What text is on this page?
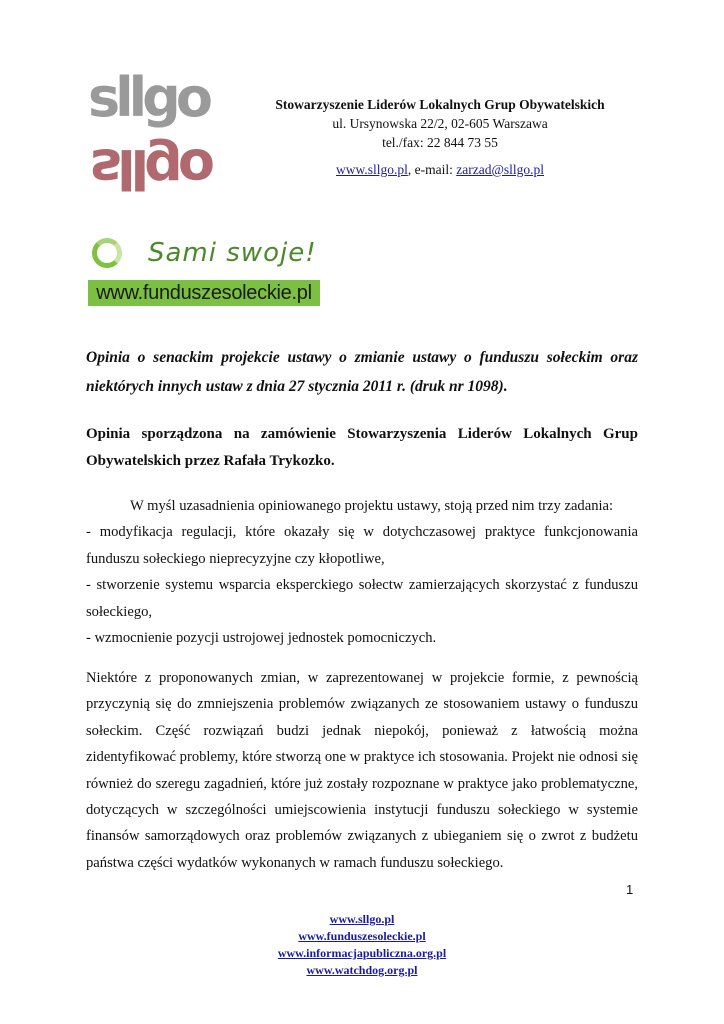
sllgo
sllgo
Stowarzyszenie Liderów Lokalnych Grup Obywatelskich
ul. Ursynowska 22/2, 02-605 Warszawa
tel./fax: 22 844 73 55
www.sllgo.pl, e-mail: zarzad@sllgo.pl
Sami swoje!
www.funduszesoleckie.pl
Opinia o senackim projekcie ustawy o zmianie ustawy o funduszu sołeckim oraz niektórych innych ustaw z dnia 27 stycznia 2011 r. (druk nr 1098).
Opinia sporządzona na zamówienie Stowarzyszenia Liderów Lokalnych Grup Obywatelskich przez Rafała Trykozko.
W myśl uzasadnienia opiniowanego projektu ustawy, stoją przed nim trzy zadania:
- modyfikacja regulacji, które okazały się w dotychczasowej praktyce funkcjonowania funduszu sołeckiego nieprecyzyjne czy kłopotliwe,
- stworzenie systemu wsparcia eksperckiego sołectw zamierzających skorzystać z funduszu sołeckiego,
- wzmocnienie pozycji ustrojowej jednostek pomocniczych.
Niektóre z proponowanych zmian, w zaprezentowanej w projekcie formie, z pewnością przyczynią się do zmniejszenia problemów związanych ze stosowaniem ustawy o funduszu sołeckim. Część rozwiązań budzi jednak niepokój, ponieważ z łatwością można zidentyfikować problemy, które stworzą one w praktyce ich stosowania. Projekt nie odnosi się również do szeregu zagadnień, które już zostały rozpoznane w praktyce jako problematyczne, dotyczących w szczególności umiejscowienia instytucji funduszu sołeckiego w systemie finansów samorządowych oraz problemów związanych z ubieganiem się o zwrot z budżetu państwa części wydatków wykonanych w ramach funduszu sołeckiego.
1
www.sllgo.pl
www.funduszesoleckie.pl
www.informacjapubliczna.org.pl
www.watchdog.org.pl
